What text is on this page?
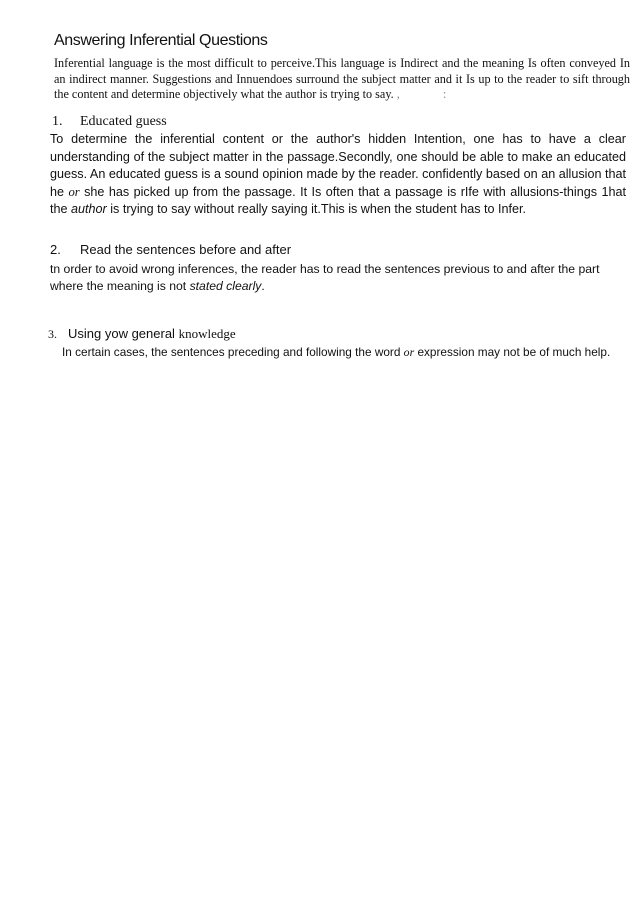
Answering Inferential Questions

Inferential language is the most difficult to perceive.This language is Indirect and the meaning Is often conveyed In an indirect manner. Suggestions and Innuendoes surround the subject matter and it Is up to the reader to sift through the content and determine objectively what the author is trying to say. , :

1. Educated guess

To determine the inferential content or the author's hidden Intention, one has to have a clear understanding of the subject matter in the passage.Secondly, one should be able to make an educated guess. An educated guess is a sound opinion made by the reader. confidently based on an allusion that he or she has picked up from the passage. It Is often that a passage is rIfe with allusions-things 1hat the author is trying to say without really saying it.This is when the student has to Infer.

2. Read the sentences before and after

tn order to avoid wrong inferences, the reader has to read the sentences previous to and after the part where the meaning is not stated clearly.

3. Using yow general knowledge

In certain cases, the sentences preceding and following the word or expression may not be of much help.
